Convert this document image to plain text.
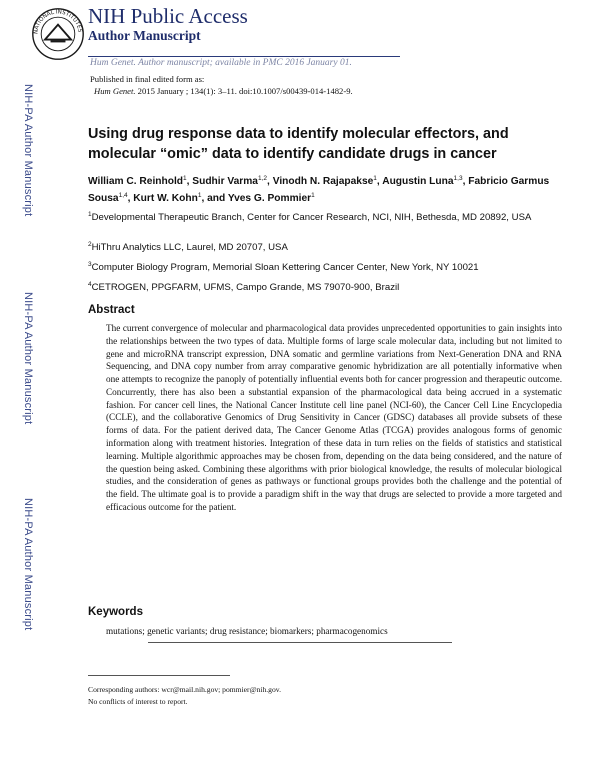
NATIONAL INSTITUTES
NIH Public Access
Author Manuscript
Hum Genet. Author manuscript; available in PMC 2016 January 01.
Published in final edited form as:
Hum Genet. 2015 January ; 134(1): 3–11. doi:10.1007/s00439-014-1482-9.
NIH-PA Author Manuscript
NIH-PA Author Manuscript
NIH-PA Author Manuscript
Using drug response data to identify molecular effectors, and molecular “omic” data to identify candidate drugs in cancer
William C. Reinhold$^1$, Sudhir Varma$^{1,2}$, Vinodh N. Rajapakse$^1$, Augustin Luna$^{1,3}$, Fabricio Garmus Sousa$^{1,4}$, Kurt W. Kohn$^1$, and Yves G. Pommier$^1$
$^1$Developmental Therapeutic Branch, Center for Cancer Research, NCI, NIH, Bethesda, MD 20892, USA
$^2$HiThru Analytics LLC, Laurel, MD 20707, USA
$^3$Computer Biology Program, Memorial Sloan Kettering Cancer Center, New York, NY 10021
$^4$CETROGEN, PPGFARM, UFMS, Campo Grande, MS 79070-900, Brazil
Abstract

The current convergence of molecular and pharmacological data provides unprecedented opportunities to gain insights into the relationships between the two types of data. Multiple forms of large scale molecular data, including but not limited to gene and microRNA transcript expression, DNA somatic and germline variations from Next-Generation DNA and RNA Sequencing, and DNA copy number from array comparative genomic hybridization are all potentially informative when one attempts to recognize the panoply of potentially influential events both for cancer progression and therapeutic outcome. Concurrently, there has also been a substantial expansion of the pharmacological data being accrued in a systematic fashion. For cancer cell lines, the National Cancer Institute cell line panel (NCI-60), the Cancer Cell Line Encyclopedia (CCLE), and the collaborative Genomics of Drug Sensitivity in Cancer (GDSC) databases all provide subsets of these forms of data. For the patient derived data, The Cancer Genome Atlas (TCGA) provides analogous forms of genomic information along with treatment histories. Integration of these data in turn relies on the fields of statistics and statistical learning. Multiple algorithmic approaches may be chosen from, depending on the data being considered, and the nature of the question being asked. Combining these algorithms with prior biological knowledge, the results of molecular biological studies, and the consideration of genes as pathways or functional groups provides both the challenge and the potential of the field. The ultimate goal is to provide a paradigm shift in the way that drugs are selected to provide a more targeted and efficacious outcome for the patient.

Keywords
mutations; genetic variants; drug resistance; biomarkers; pharmacogenomics
Corresponding authors: wcr@mail.nih.gov; pommier@nih.gov.
No conflicts of interest to report.
